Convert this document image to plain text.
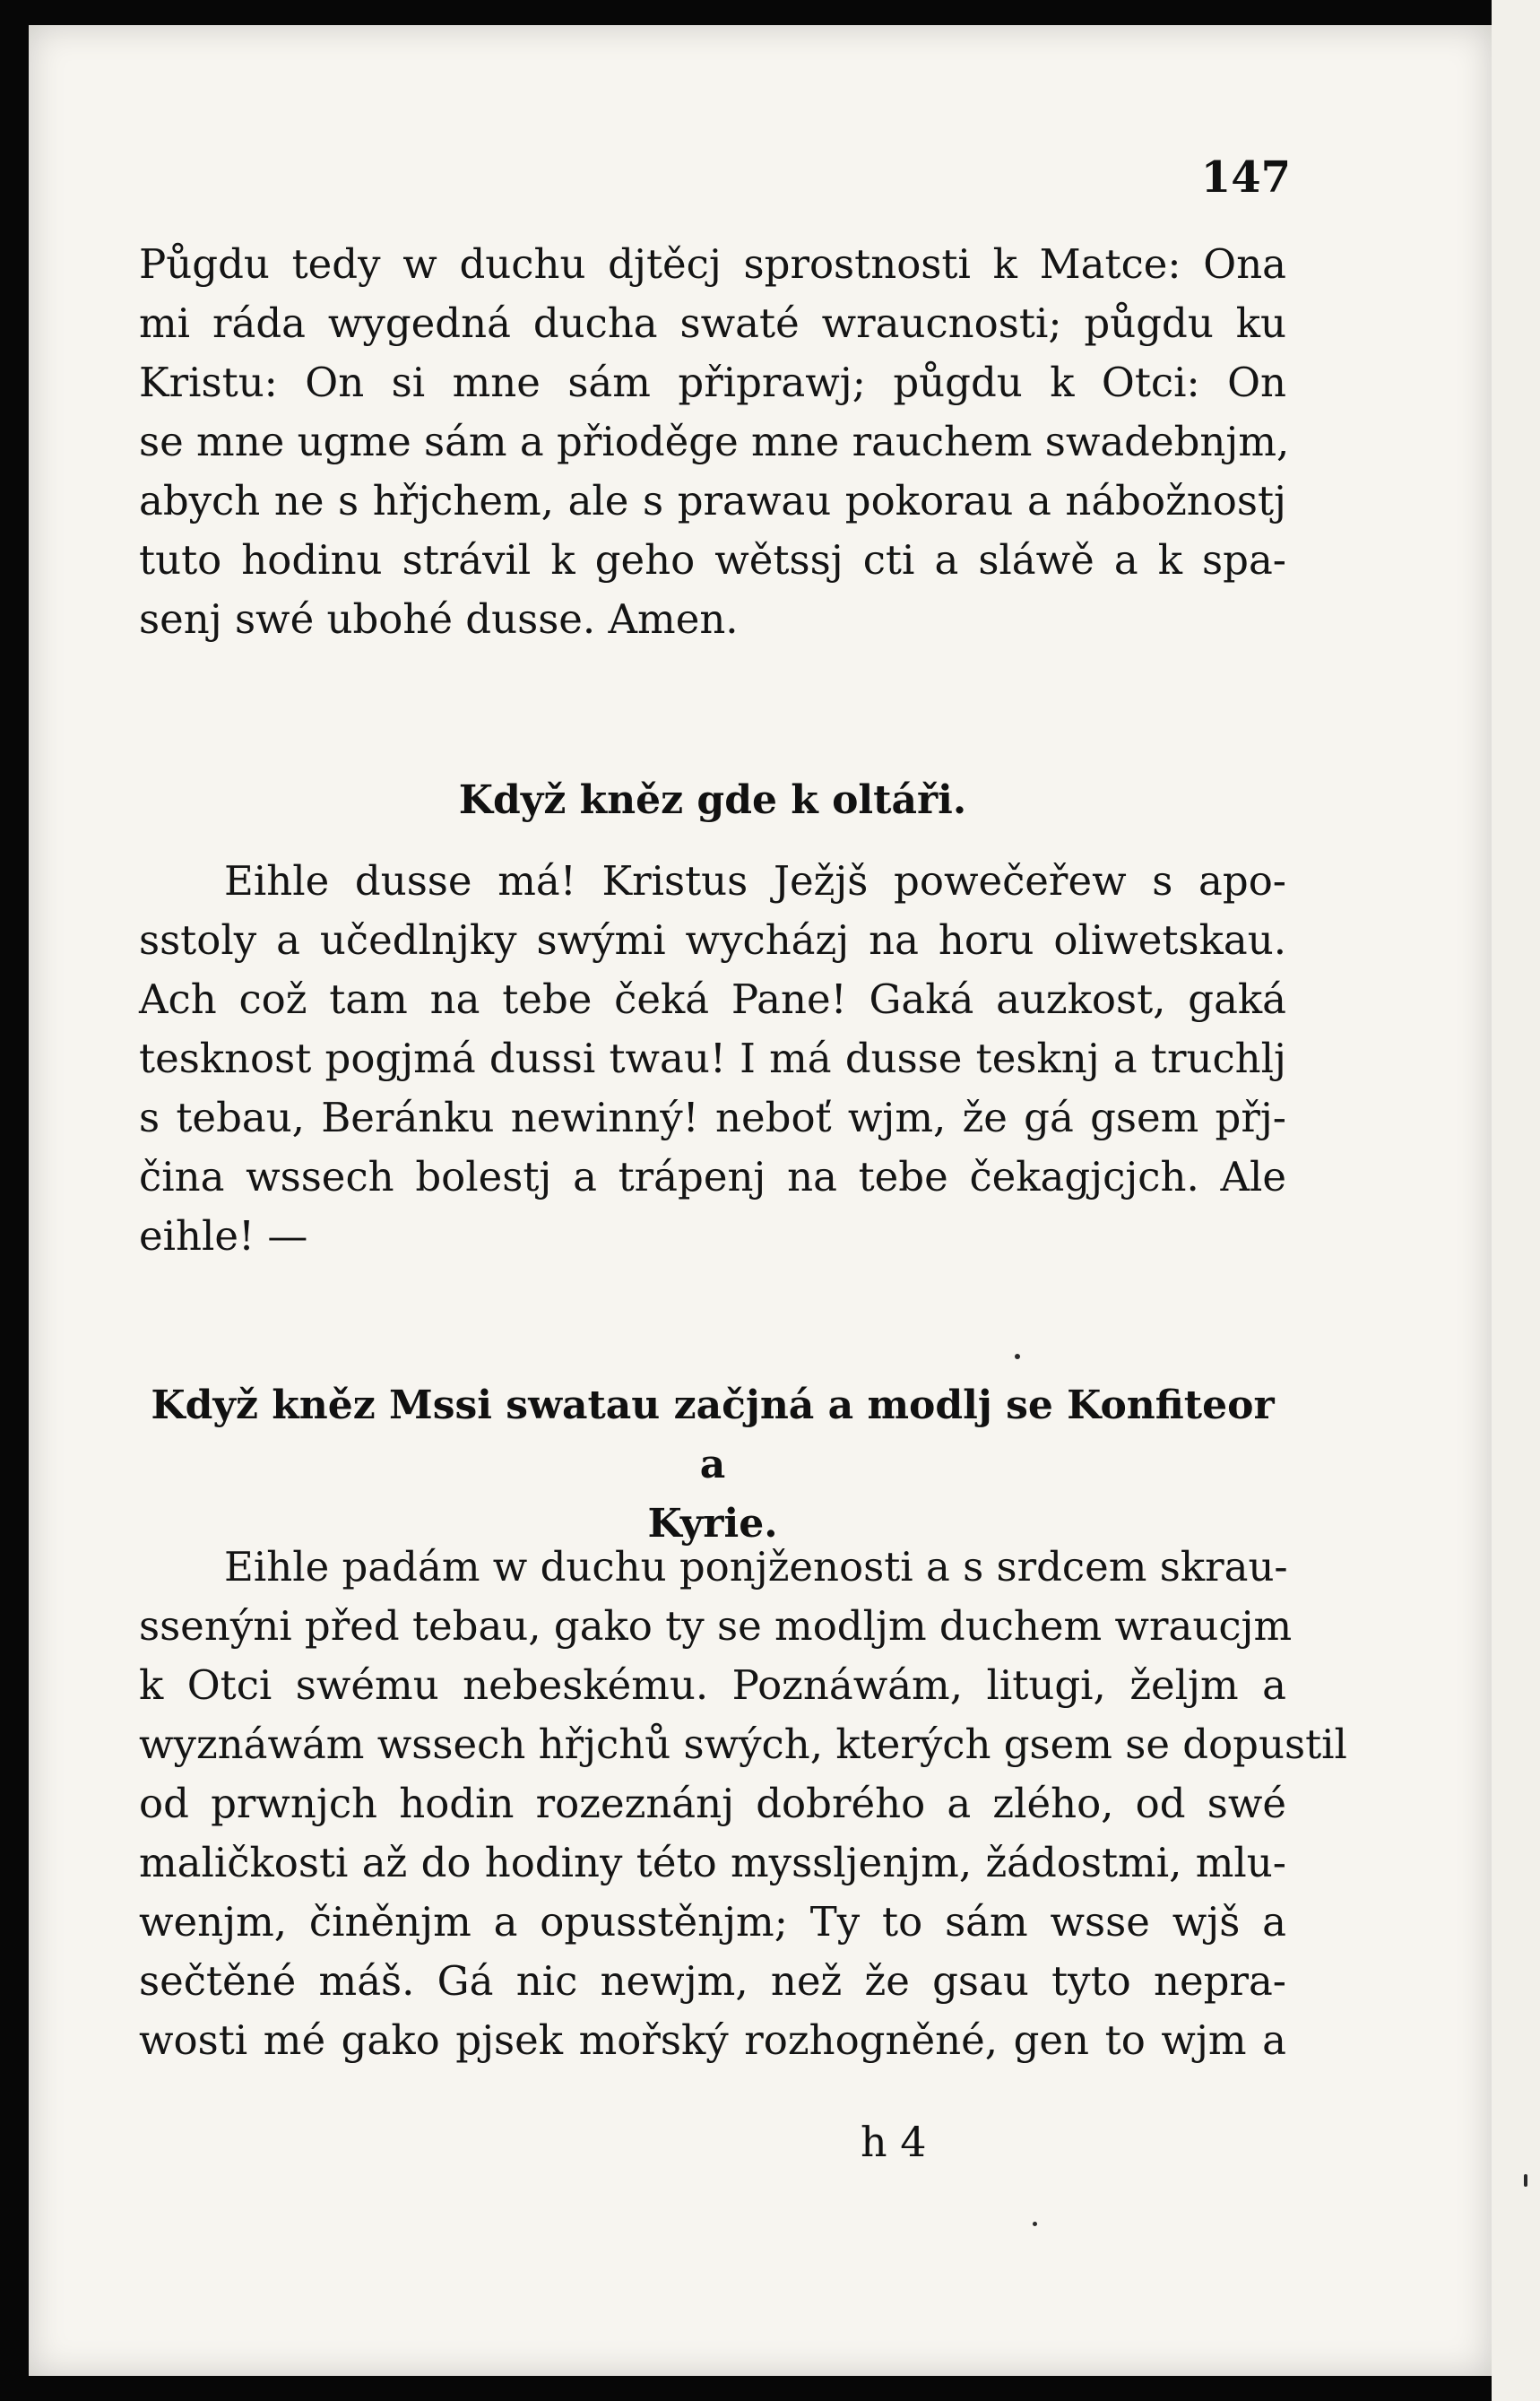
147
Půgdu tedy w duchu djtěcj sprostnosti k Matce: Ona
mi ráda wygedná ducha swaté wraucnosti; půgdu ku
Kristu: On si mne sám připrawj; půgdu k Otci: On
se mne ugme sám a přioděge mne rauchem swadebnjm,
abych ne s hřjchem, ale s prawau pokorau a nábožnostj
tuto hodinu strávil k geho wětssj cti a sláwě a k spa-
senj swé ubohé dusse. Amen.
Když kněz gde k oltáři.
Eihle dusse má! Kristus Ježjš powečeřew s apo-
sstoly a učedlnjky swými wycházj na horu oliwetskau.
Ach což tam na tebe čeká Pane! Gaká auzkost, gaká
tesknost pogjmá dussi twau! I má dusse tesknj a truchlj
s tebau, Beránku newinný! neboť wjm, že gá gsem přj-
čina wssech bolestj a trápenj na tebe čekagjcjch. Ale
eihle! —
Když kněz Mssi swatau začjná a modlj se Konfiteor a
Kyrie.
Eihle padám w duchu ponjženosti a s srdcem skrau-
ssenýni před tebau, gako ty se modljm duchem wraucjm
k Otci swému nebeskému. Poznáwám, litugi, željm a
wyznáwám wssech hřjchů swých, kterých gsem se dopustil
od prwnjch hodin rozeznánj dobrého a zlého, od swé
maličkosti až do hodiny této myssljenjm, žádostmi, mlu-
wenjm, činěnjm a opusstěnjm; Ty to sám wsse wjš a
sečtěné máš. Gá nic newjm, než že gsau tyto nepra-
wosti mé gako pjsek mořský rozhogněné, gen to wjm a
h 4
